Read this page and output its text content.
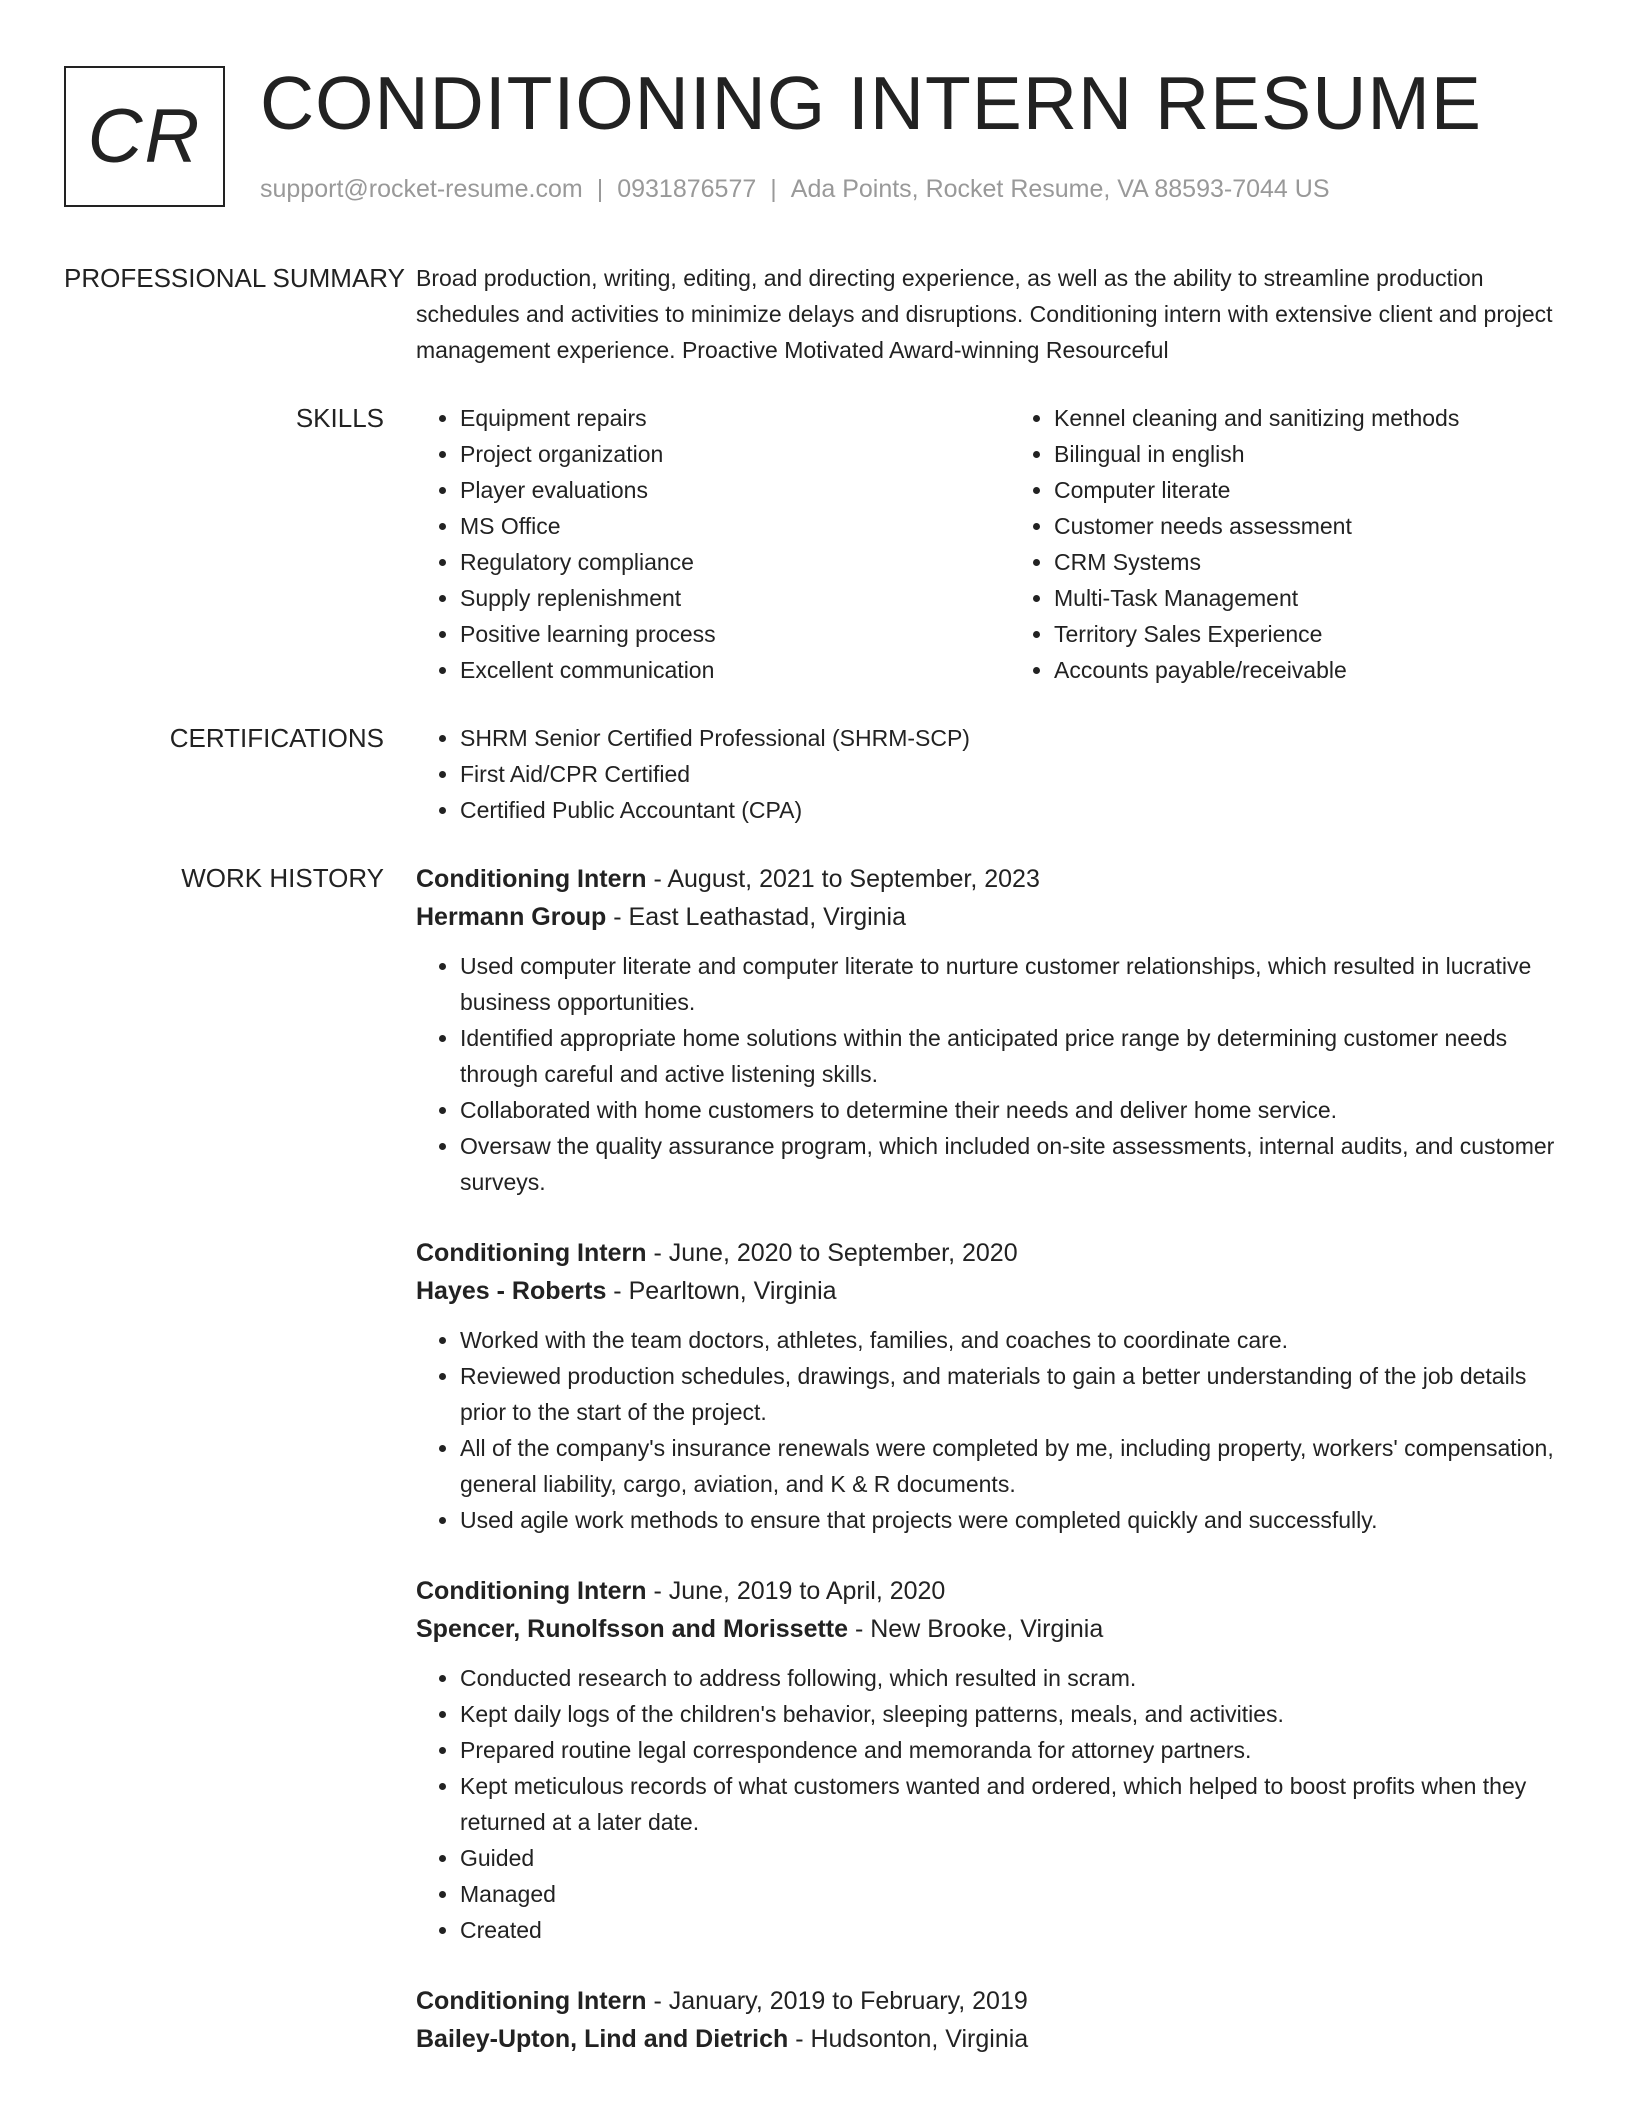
CR CONDITIONING INTERN RESUME
support@rocket-resume.com | 0931876577 | Ada Points, Rocket Resume, VA 88593-7044 US
PROFESSIONAL SUMMARY Broad production, writing, editing, and directing experience, as well as the ability to streamline production schedules and activities to minimize delays and disruptions. Conditioning intern with extensive client and project management experience. Proactive Motivated Award-winning Resourceful

SKILLS	• Equipment repairs
• Project organization
• Player evaluations
• MS Office
• Regulatory compliance
• Supply replenishment
• Positive learning process
• Excellent communication
• Kennel cleaning and sanitizing methods
• Bilingual in english
• Computer literate
• Customer needs assessment
• CRM Systems
• Multi-Task Management
• Territory Sales Experience
• Accounts payable/receivable
CERTIFICATIONS	• SHRM Senior Certified Professional (SHRM-SCP)
• First Aid/CPR Certified
• Certified Public Accountant (CPA)
WORK HISTORY	Conditioning Intern - August, 2021 to September, 2023
Hermann Group - East Leathastad, Virginia
• Used computer literate and computer literate to nurture customer relationships, which resulted in lucrative business opportunities.
• Identified appropriate home solutions within the anticipated price range by determining customer needs through careful and active listening skills.
• Collaborated with home customers to determine their needs and deliver home service.
• Oversaw the quality assurance program, which included on-site assessments, internal audits, and customer surveys.
Conditioning Intern - June, 2020 to September, 2020
Hayes - Roberts - Pearltown, Virginia
• Worked with the team doctors, athletes, families, and coaches to coordinate care.
• Reviewed production schedules, drawings, and materials to gain a better understanding of the job details prior to the start of the project.
• All of the company's insurance renewals were completed by me, including property, workers' compensation, general liability, cargo, aviation, and K & R documents.
• Used agile work methods to ensure that projects were completed quickly and successfully.
Conditioning Intern - June, 2019 to April, 2020
Spencer, Runolfsson and Morissette - New Brooke, Virginia
• Conducted research to address following, which resulted in scram.
• Kept daily logs of the children's behavior, sleeping patterns, meals, and activities.
• Prepared routine legal correspondence and memoranda for attorney partners.
• Kept meticulous records of what customers wanted and ordered, which helped to boost profits when they returned at a later date.
• Guided
• Managed
• Created
Conditioning Intern - January, 2019 to February, 2019
Bailey-Upton, Lind and Dietrich - Hudsonton, Virginia
